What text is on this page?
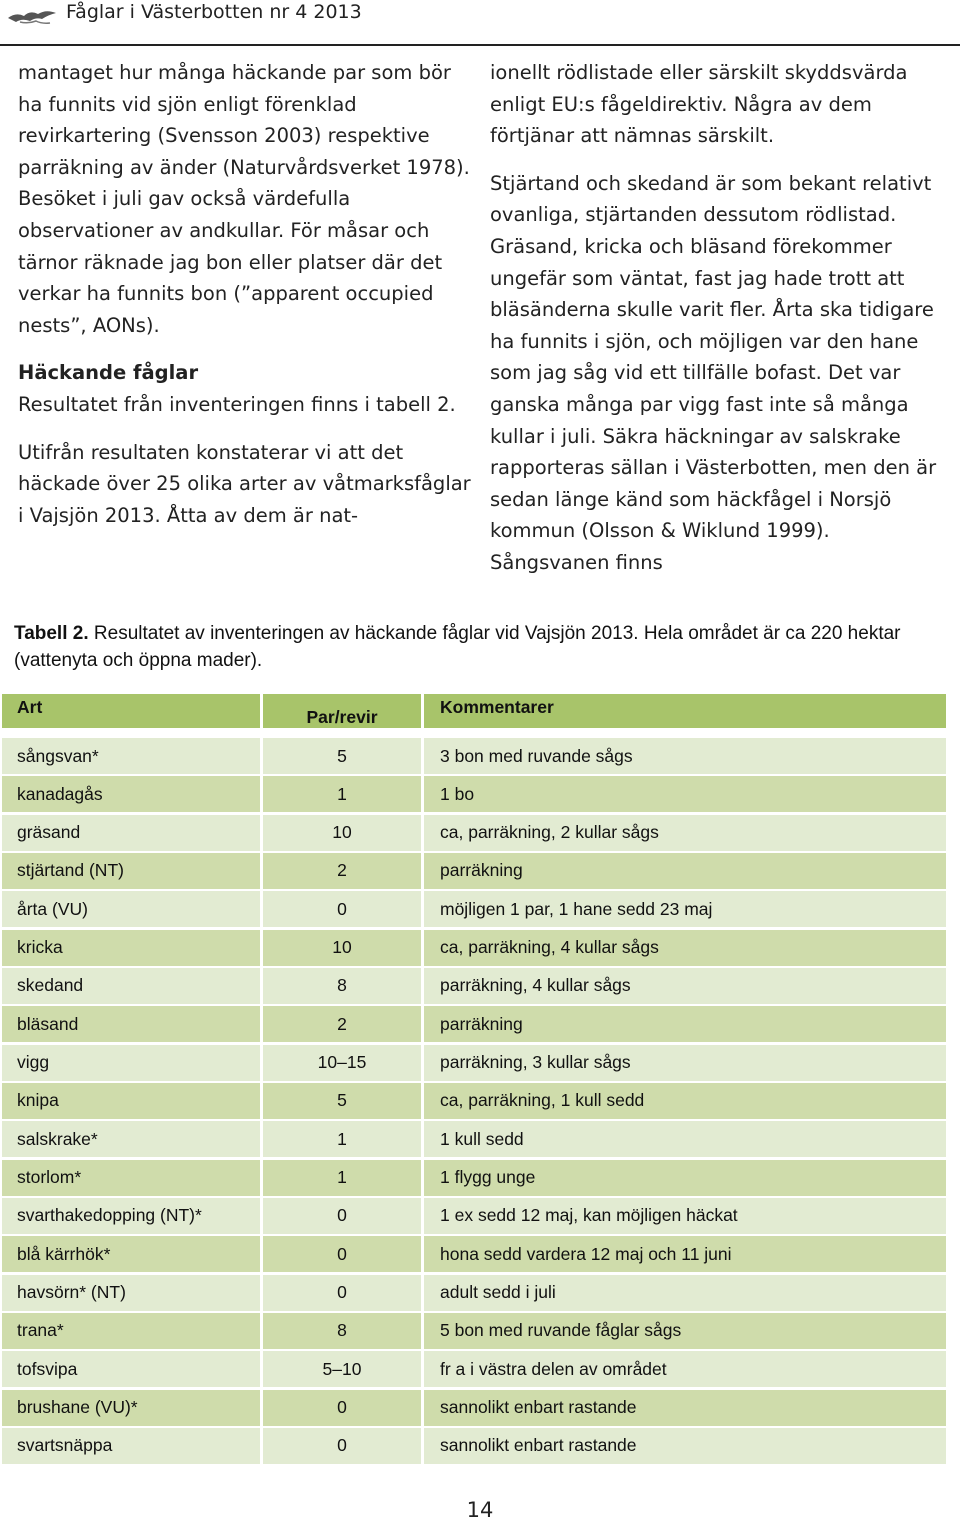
Fåglar i Västerbotten nr 4 2013

mantaget hur många häckande par som bör ha funnits vid sjön enligt förenklad revirkartering (Svensson 2003) respektive parräkning av änder (Naturvårdsverket 1978). Besöket i juli gav också värdefulla observationer av andkullar. För måsar och tärnor räknade jag bon eller platser där det verkar ha funnits bon (”apparent occupied nests”, AONs).

Häckande fåglar

Resultatet från inventeringen finns i tabell 2.

Utifrån resultaten konstaterar vi att det häckade över 25 olika arter av våtmarksfåglar i Vajsjön 2013. Åtta av dem är nat-

ionellt rödlistade eller särskilt skyddsvärda enligt EU:s fågeldirektiv. Några av dem förtjänar att nämnas särskilt.

Stjärtand och skedand är som bekant relativt ovanliga, stjärtanden dessutom rödlistad. Gräsand, kricka och bläsand förekommer ungefär som väntat, fast jag hade trott att bläsänderna skulle varit fler. Årta ska tidigare ha funnits i sjön, och möjligen var den hane som jag såg vid ett tillfälle bofast. Det var ganska många par vigg fast inte så många kullar i juli. Säkra häckningar av salskrake rapporteras sällan i Västerbotten, men den är sedan länge känd som häckfågel i Norsjö kommun (Olsson & Wiklund 1999). Sångsvanen finns

Tabell 2. Resultatet av inventeringen av häckande fåglar vid Vajsjön 2013. Hela området är ca 220 hektar (vattenyta och öppna mader).
Art	Par/revir	Kommentarer
sångsvan*	5	3 bon med ruvande sågs
kanadagås	1	1 bo
gräsand	10	ca, parräkning, 2 kullar sågs
stjärtand (NT)	2	parräkning
årta (VU)	0	möjligen 1 par, 1 hane sedd 23 maj
kricka	10	ca, parräkning, 4 kullar sågs
skedand	8	parräkning, 4 kullar sågs
bläsand	2	parräkning
vigg	10–15	parräkning, 3 kullar sågs
knipa	5	ca, parräkning, 1 kull sedd
salskrake*	1	1 kull sedd
storlom*	1	1 flygg unge
svarthakedopping (NT)*	0	1 ex sedd 12 maj, kan möjligen häckat
blå kärrhök*	0	hona sedd vardera 12 maj och 11 juni
havsörn* (NT)	0	adult sedd i juli
trana*	8	5 bon med ruvande fåglar sågs
tofsvipa	5–10	fr a i västra delen av området
brushane (VU)*	0	sannolikt enbart rastande
svartsnäppa	0	sannolikt enbart rastande
14
